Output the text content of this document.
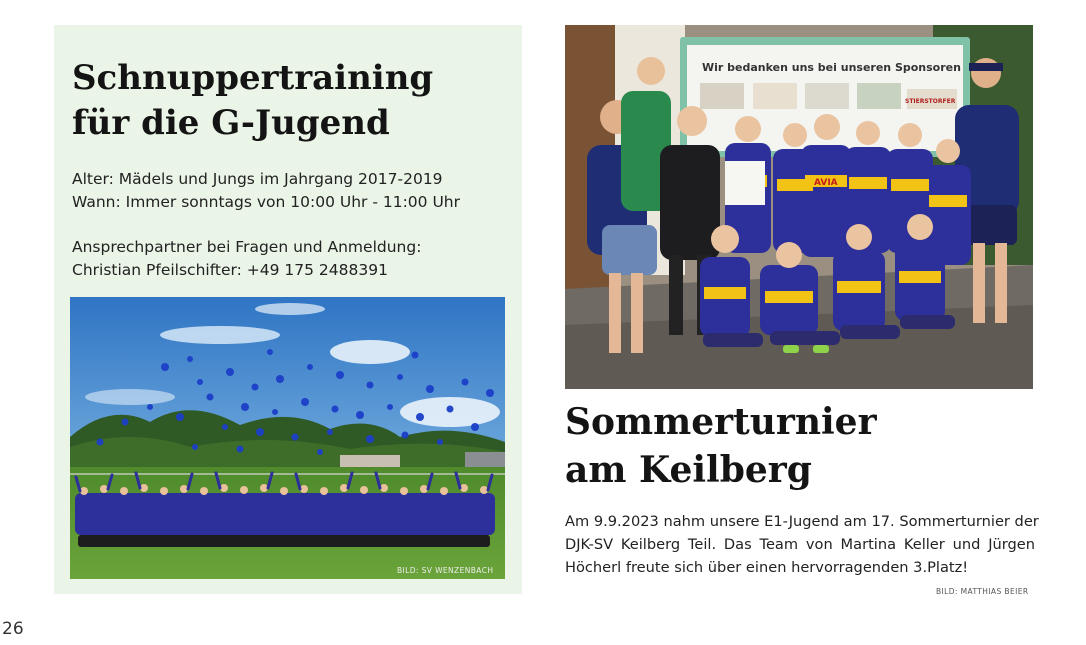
Schnuppertraining
für die G-Jugend
Alter: Mädels und Jungs im Jahrgang 2017-2019
Wann: Immer sonntags von 10:00 Uhr - 11:00 Uhr
Ansprechpartner bei Fragen und Anmeldung:
Christian Pfeilschifter: +49 175 2488391
BILD: SV WENZENBACH
Wir bedanken uns bei unseren Sponsoren
STIERSTORFER
AVIA
Sommerturnier
am Keilberg
Am 9.9.2023 nahm unsere E1-Jugend am 17. Sommerturnier der
DJK-SV Keilberg Teil. Das Team von Martina Keller und Jürgen
Höcherl freute sich über einen hervorragenden 3.Platz!
BILD: MATTHIAS BEIER
26
